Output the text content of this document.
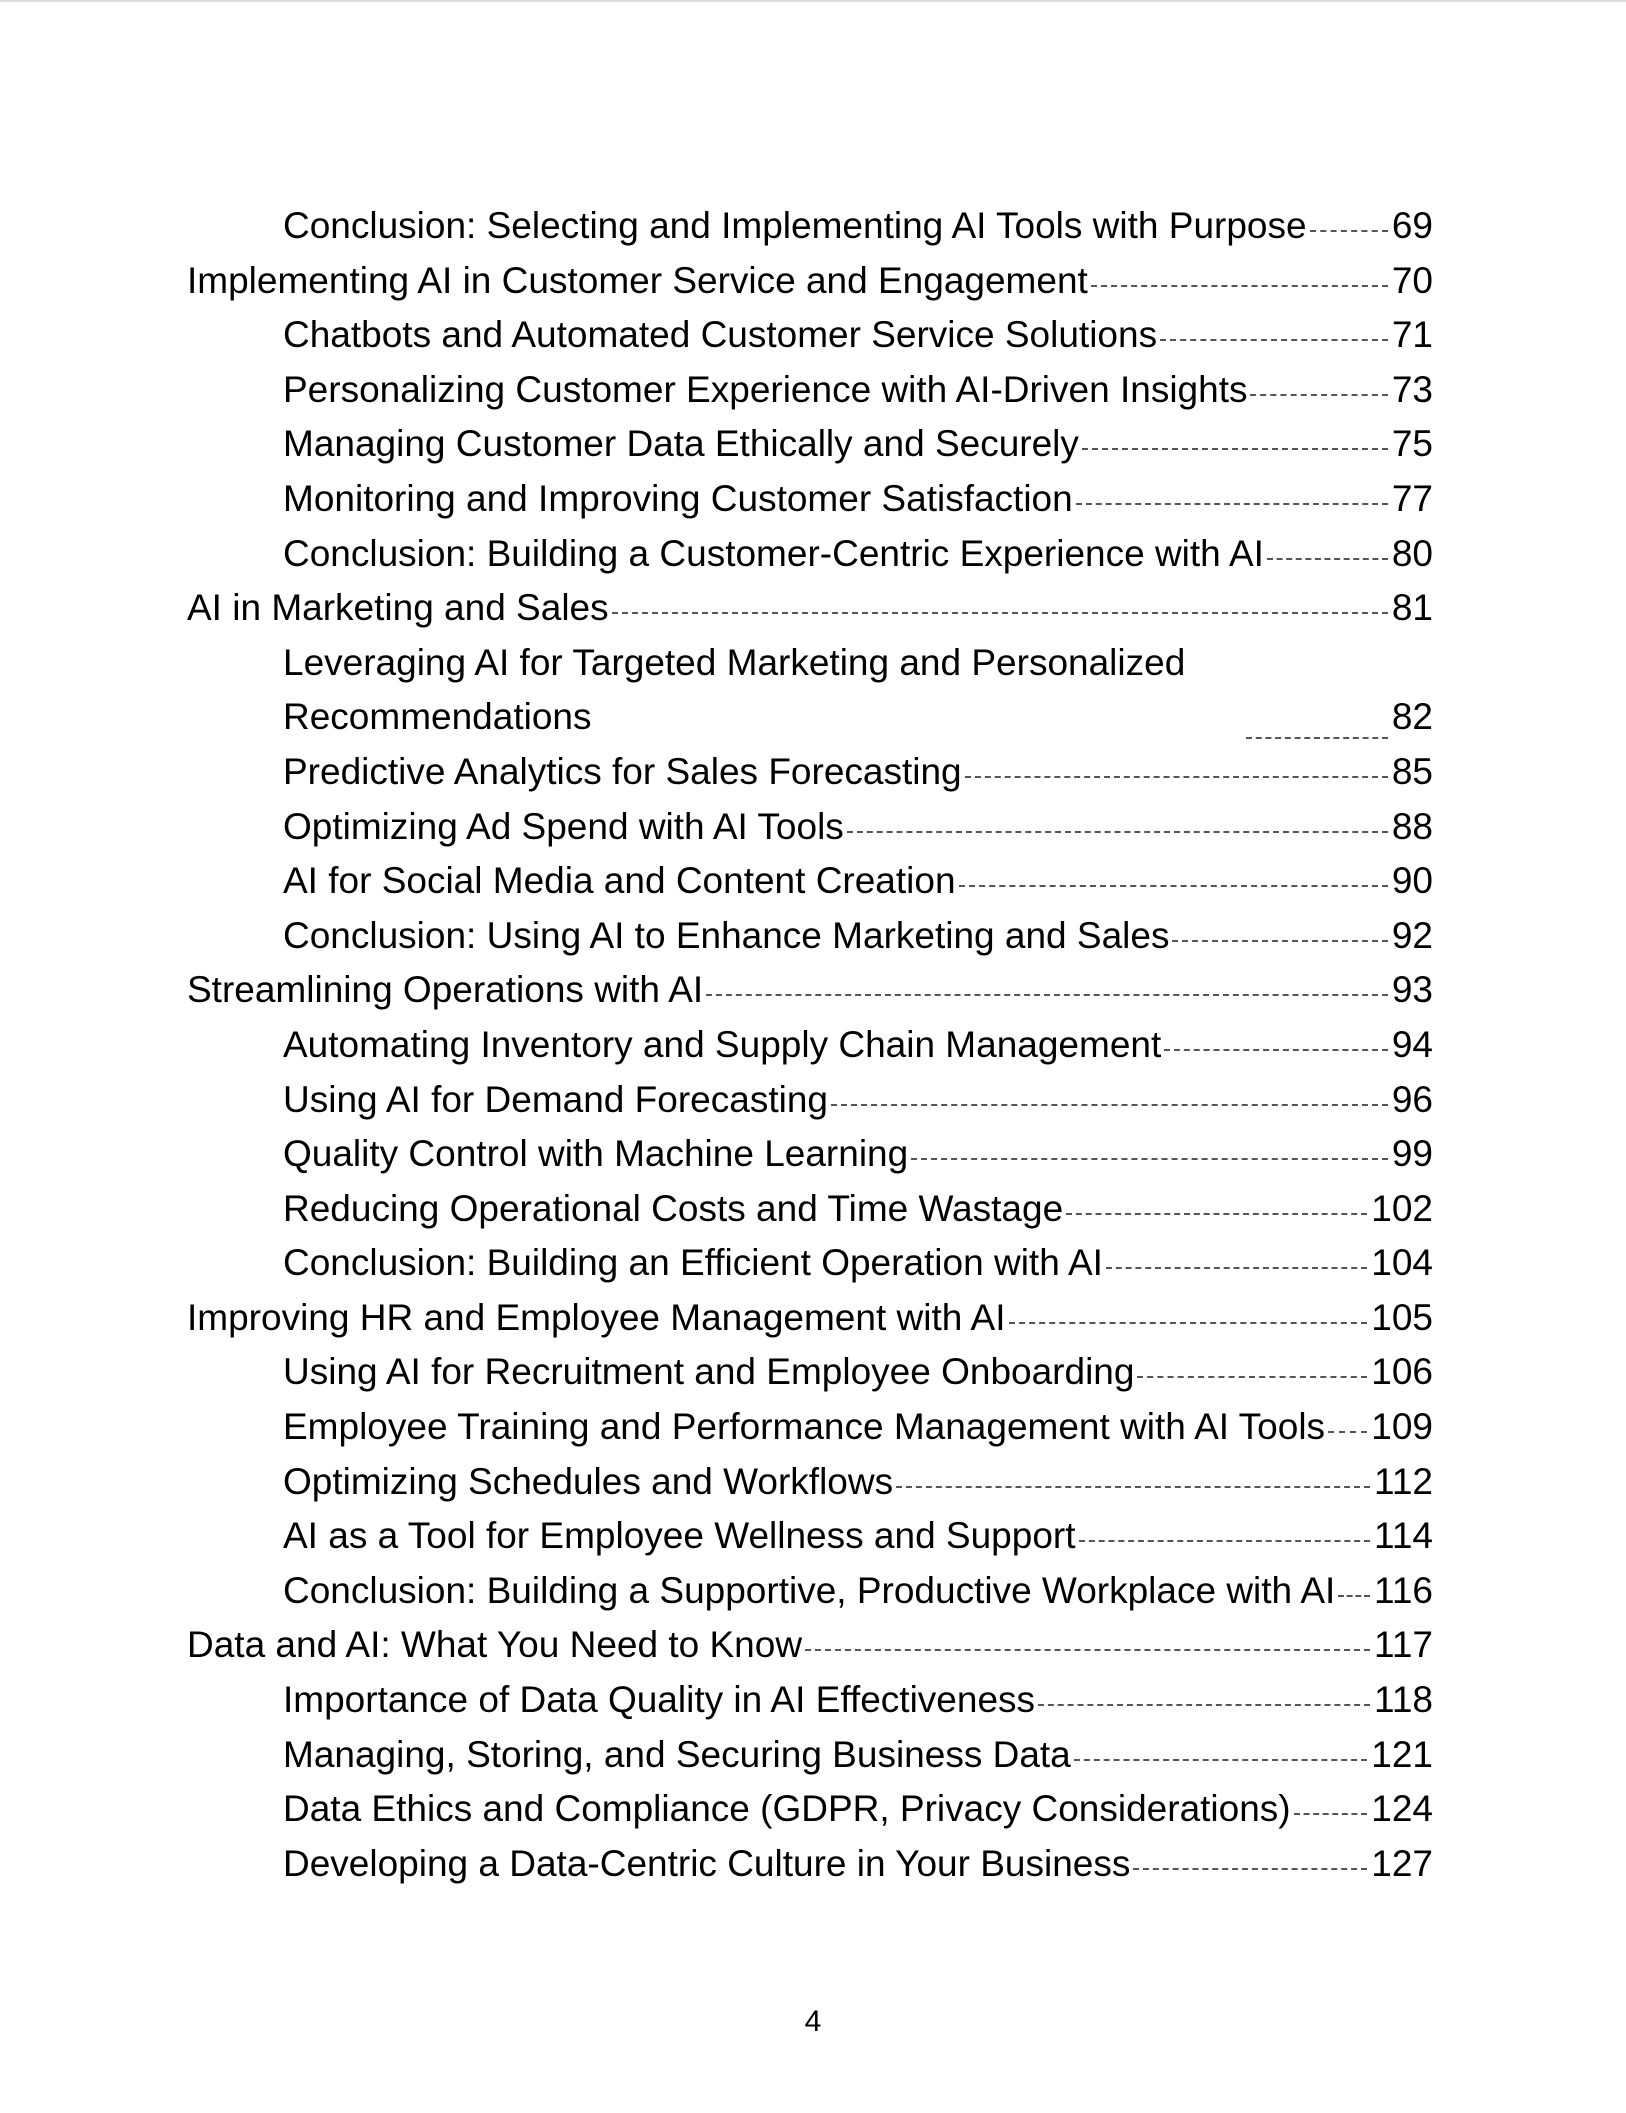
Conclusion: Selecting and Implementing AI Tools with Purpose 69
Implementing AI in Customer Service and Engagement	70
Chatbots and Automated Customer Service Solutions	71
Personalizing Customer Experience with AI-Driven Insights	73
Managing Customer Data Ethically and Securely	75
Monitoring and Improving Customer Satisfaction	77
Conclusion: Building a Customer-Centric Experience with AI	80
AI in Marketing and Sales	81
Leveraging AI for Targeted Marketing and Personalized Recommendations	82
Predictive Analytics for Sales Forecasting	85
Optimizing Ad Spend with AI Tools	88
AI for Social Media and Content Creation	90
Conclusion: Using AI to Enhance Marketing and Sales	92
Streamlining Operations with AI	93
Automating Inventory and Supply Chain Management	94
Using AI for Demand Forecasting	96
Quality Control with Machine Learning	99
Reducing Operational Costs and Time Wastage	102
Conclusion: Building an Efficient Operation with AI	104
Improving HR and Employee Management with AI	105
Using AI for Recruitment and Employee Onboarding	106
Employee Training and Performance Management with AI Tools 109
Optimizing Schedules and Workflows	112
AI as a Tool for Employee Wellness and Support	114
Conclusion: Building a Supportive, Productive Workplace with AI 116
Data and AI: What You Need to Know	117
Importance of Data Quality in AI Effectiveness	118
Managing, Storing, and Securing Business Data	121
Data Ethics and Compliance (GDPR, Privacy Considerations) 124
Developing a Data-Centric Culture in Your Business	127
4
